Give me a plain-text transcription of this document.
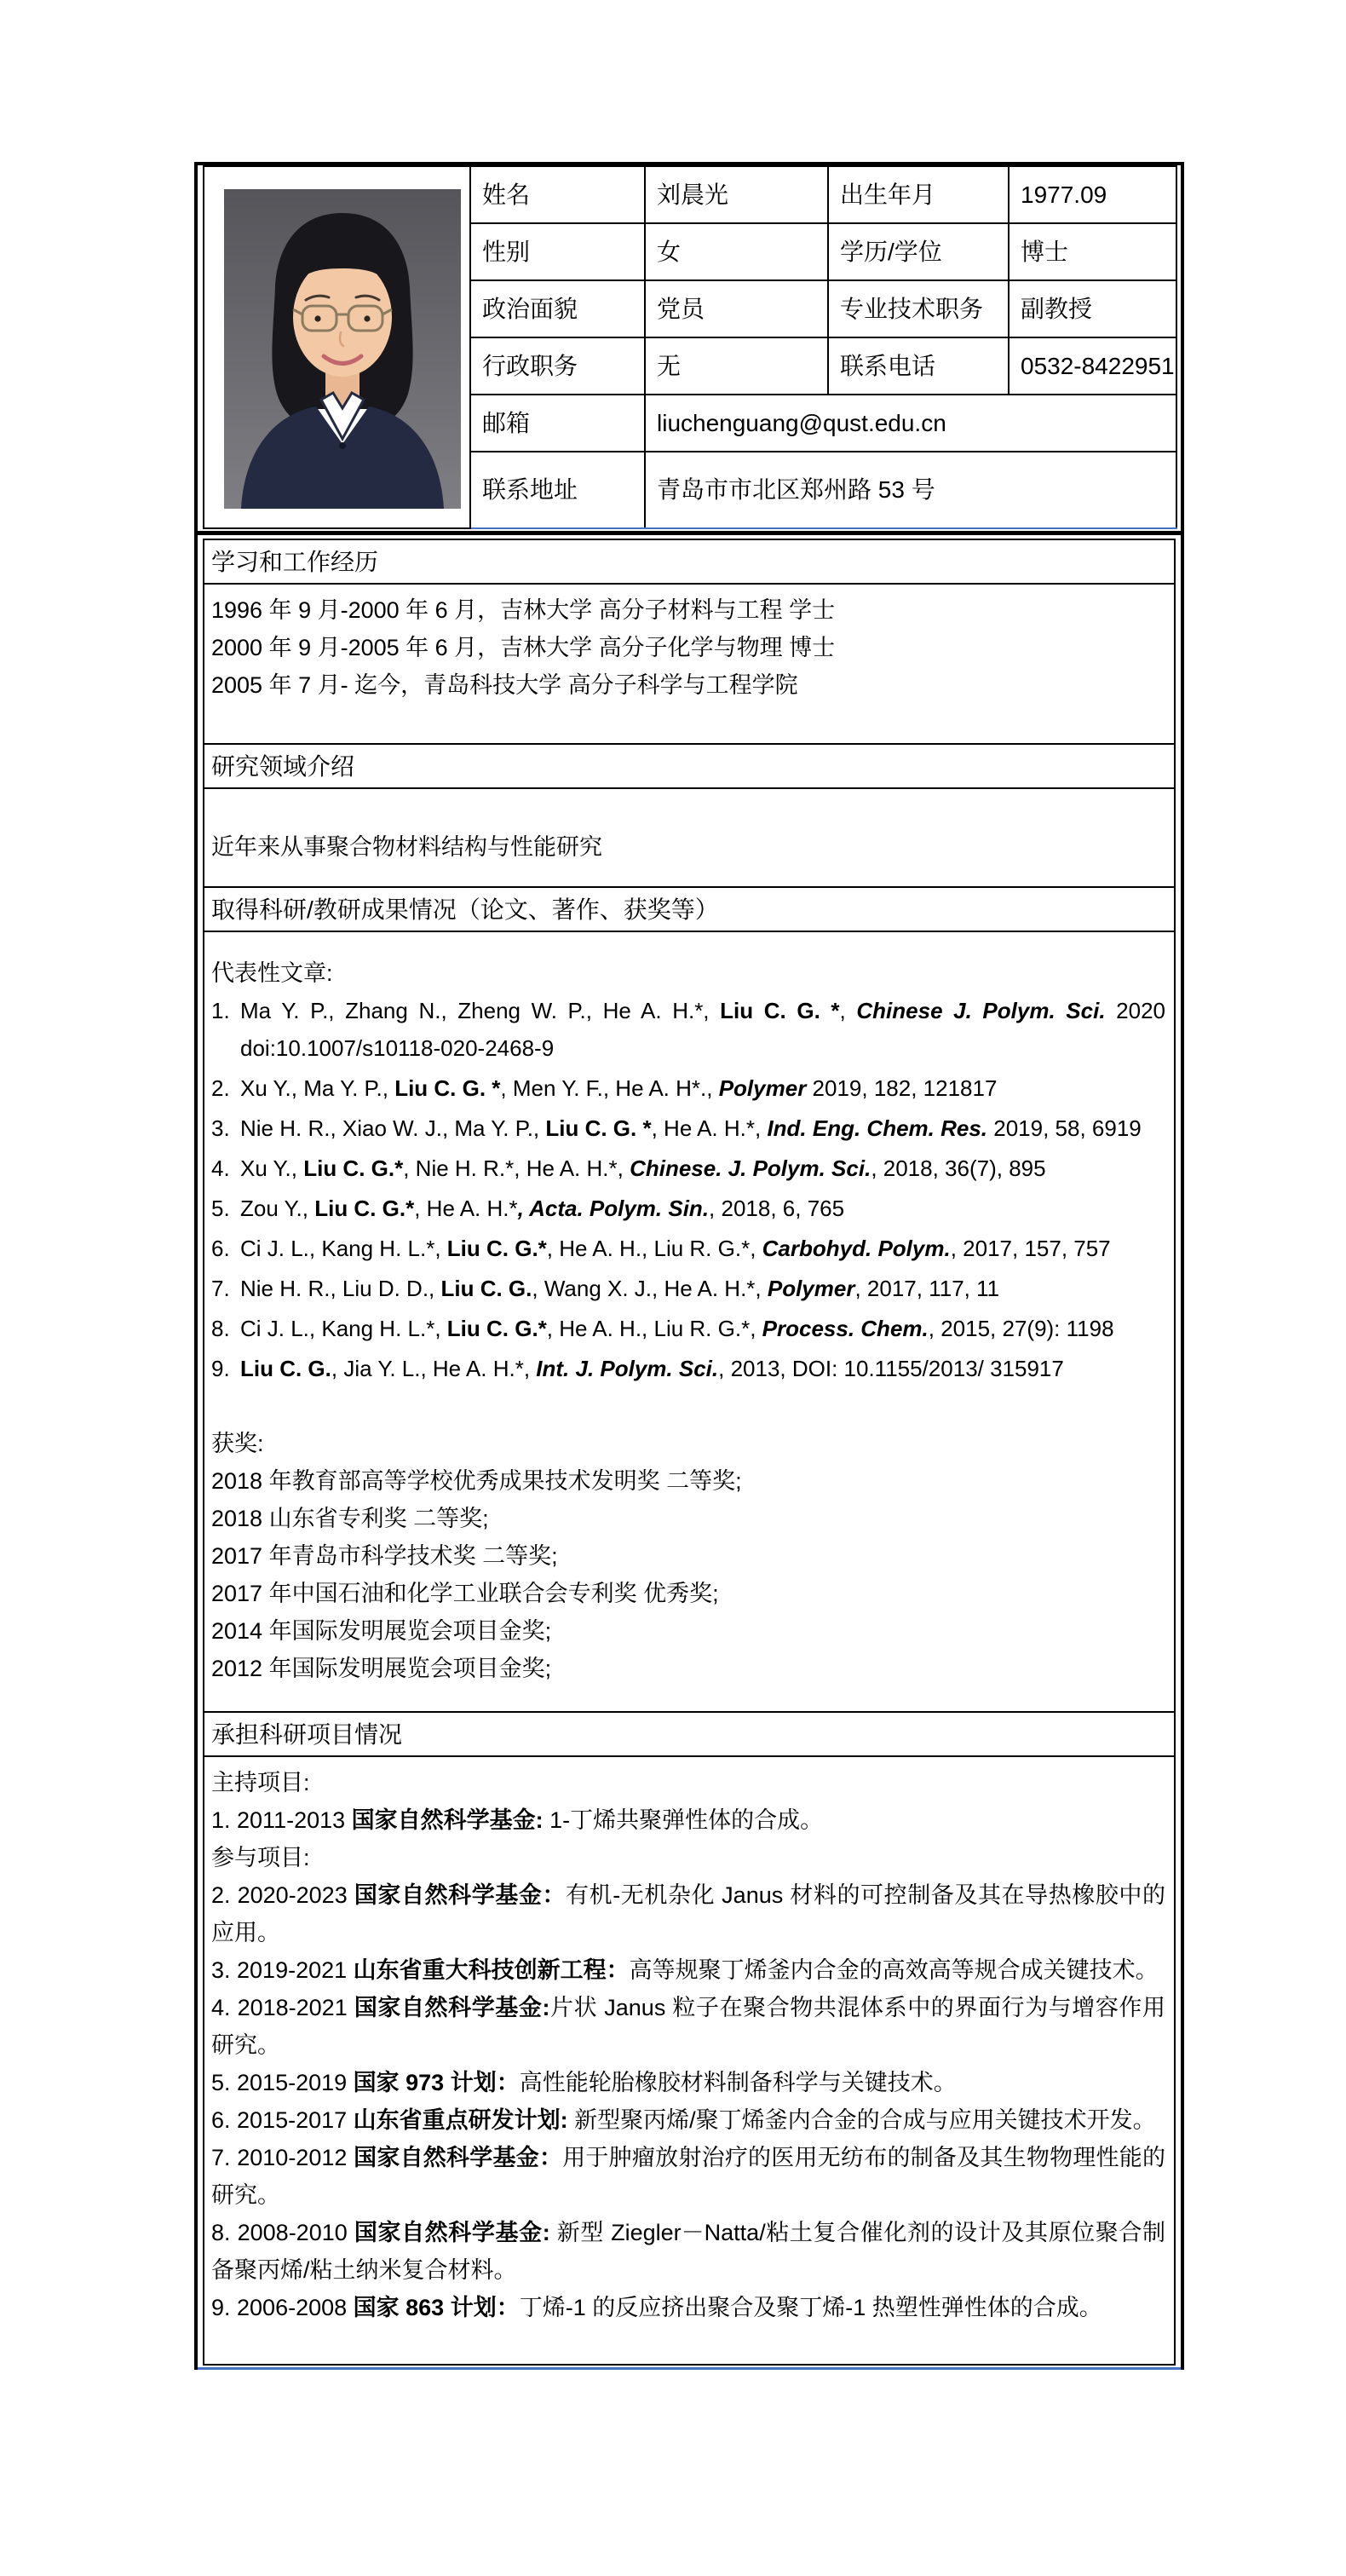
	姓名	刘晨光	出生年月	1977.09
	性别	女	学历/学位	博士
	政治面貌	党员	专业技术职务	副教授
	行政职务	无	联系电话	0532-8422951
	邮箱	liuchenguang@qust.edu.cn		
	联系地址	青岛市市北区郑州路 53 号		
学习和工作经历

1996 年 9 月-2000 年 6 月，吉林大学 高分子材料与工程 学士
2000 年 9 月-2005 年 6 月，吉林大学 高分子化学与物理 博士
2005 年 7 月- 迄今，青岛科技大学 高分子科学与工程学院

研究领域介绍

近年来从事聚合物材料结构与性能研究

取得科研/教研成果情况（论文、著作、获奖等）

代表性文章:
1. Ma Y. P., Zhang N., Zheng W. P., He A. H.*, Liu C. G. *, Chinese J. Polym. Sci. 2020 doi:10.1007/s10118-020-2468-9
2. Xu Y., Ma Y. P., Liu C. G. *, Men Y. F., He A. H*., Polymer 2019, 182, 121817
3. Nie H. R., Xiao W. J., Ma Y. P., Liu C. G. *, He A. H.*, Ind. Eng. Chem. Res. 2019, 58, 6919
4. Xu Y., Liu C. G.*, Nie H. R.*, He A. H.*, Chinese. J. Polym. Sci., 2018, 36(7), 895
5. Zou Y., Liu C. G.*, He A. H.*, Acta. Polym. Sin., 2018, 6, 765
6. Ci J. L., Kang H. L.*, Liu C. G.*, He A. H., Liu R. G.*, Carbohyd. Polym., 2017, 157, 757
7. Nie H. R., Liu D. D., Liu C. G., Wang X. J., He A. H.*, Polymer, 2017, 117, 11
8. Ci J. L., Kang H. L.*, Liu C. G.*, He A. H., Liu R. G.*, Process. Chem., 2015, 27(9): 1198
9. Liu C. G., Jia Y. L., He A. H.*, Int. J. Polym. Sci., 2013, DOI: 10.1155/2013/ 315917
获奖:
2018 年教育部高等学校优秀成果技术发明奖 二等奖;
2018 山东省专利奖 二等奖;
2017 年青岛市科学技术奖 二等奖;
2017 年中国石油和化学工业联合会专利奖 优秀奖;
2014 年国际发明展览会项目金奖;
2012 年国际发明展览会项目金奖;

承担科研项目情况

主持项目:
1. 2011-2013 国家自然科学基金: 1-丁烯共聚弹性体的合成。
参与项目:
2. 2020-2023 国家自然科学基金：有机-无机杂化 Janus 材料的可控制备及其在导热橡胶中的应用。
3. 2019-2021 山东省重大科技创新工程：高等规聚丁烯釜内合金的高效高等规合成关键技术。
4. 2018-2021 国家自然科学基金:片状 Janus 粒子在聚合物共混体系中的界面行为与增容作用研究。
5. 2015-2019 国家 973 计划：高性能轮胎橡胶材料制备科学与关键技术。
6. 2015-2017 山东省重点研发计划: 新型聚丙烯/聚丁烯釜内合金的合成与应用关键技术开发。
7. 2010-2012 国家自然科学基金：用于肿瘤放射治疗的医用无纺布的制备及其生物物理性能的研究。
8. 2008-2010 国家自然科学基金: 新型 Ziegler－Natta/粘土复合催化剂的设计及其原位聚合制备聚丙烯/粘土纳米复合材料。
9. 2006-2008 国家 863 计划：丁烯-1 的反应挤出聚合及聚丁烯-1 热塑性弹性体的合成。
